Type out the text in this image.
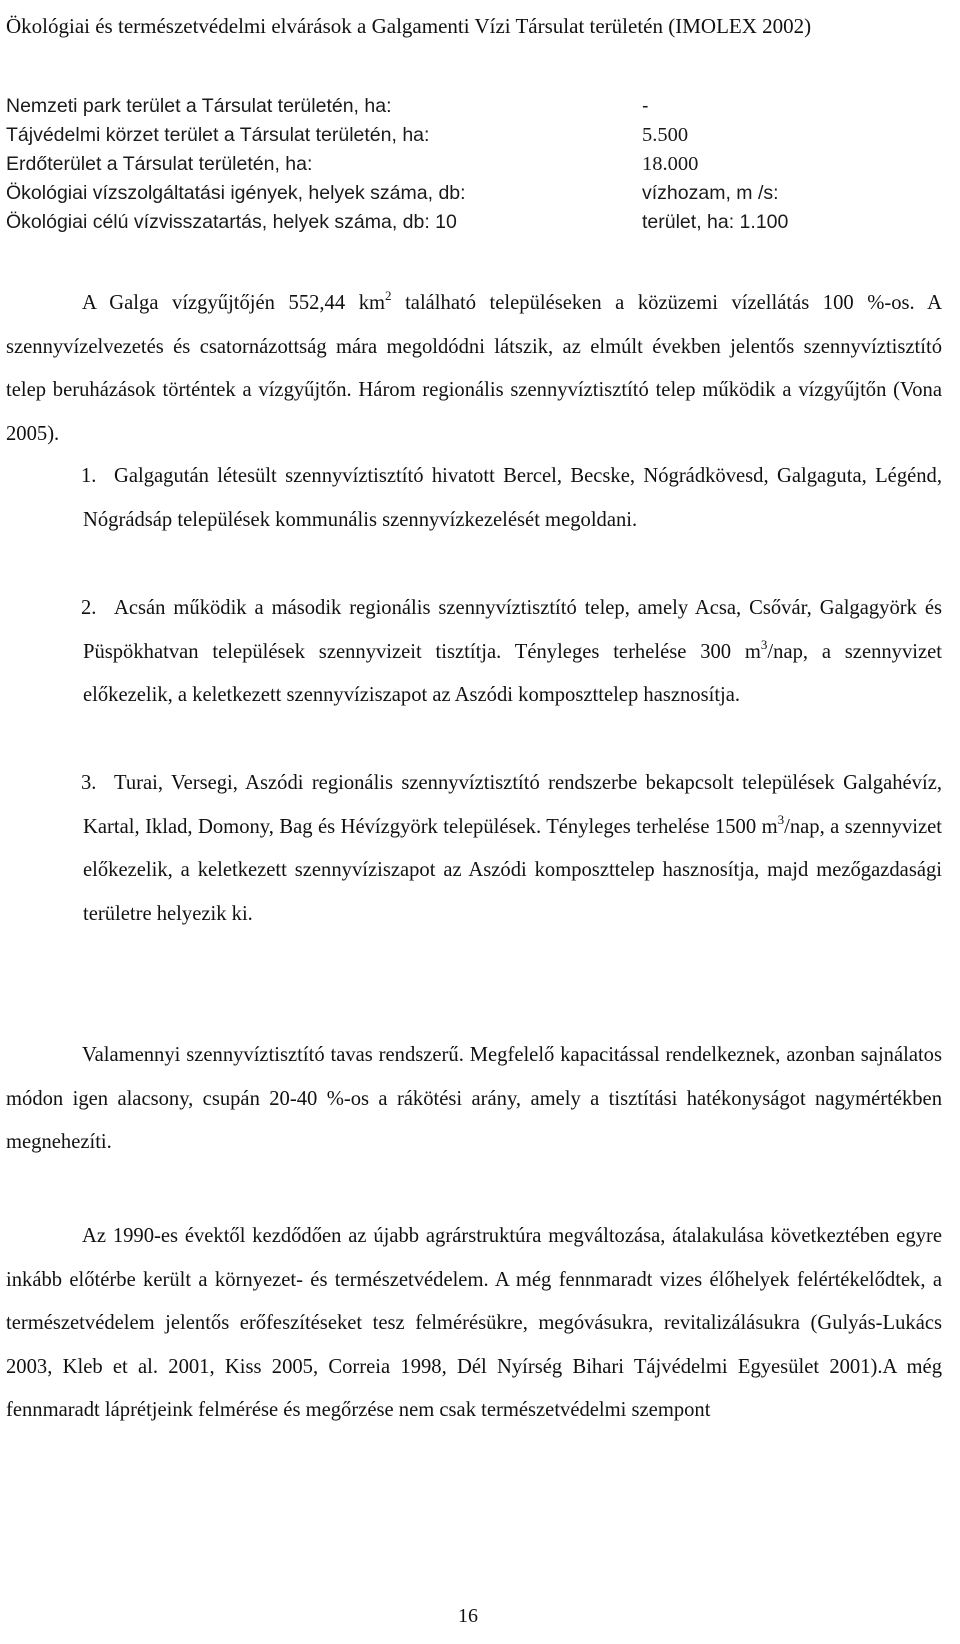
Ökológiai és természetvédelmi elvárások a Galgamenti Vízi Társulat területén (IMOLEX 2002)
Nemzeti park terület a Társulat területén, ha:	-
Tájvédelmi körzet terület a Társulat területén, ha:	5.500
Erdőterület a Társulat területén, ha:	18.000
Ökológiai vízszolgáltatási igények, helyek száma, db:	vízhozam, m /s:
Ökológiai célú vízvisszatartás, helyek száma, db: 10	terület, ha: 1.100

A Galga vízgyűjtőjén 552,44 $km^2$ található településeken a közüzemi vízellátás 100 %-os. A szennyvízelvezetés és csatornázottság mára megoldódni látszik, az elmúlt években jelentős szennyvíztisztító telep beruházások történtek a vízgyűjtőn. Három regionális szennyvíztisztító telep működik a vízgyűjtőn (Vona 2005).

1. Galgagután létesült szennyvíztisztító hivatott Bercel, Becske, Nógrádkövesd, Galgaguta, Légénd, Nógrádsáp települések kommunális szennyvízkezelését megoldani.

2. Acsán működik a második regionális szennyvíztisztító telep, amely Acsa, Csővár, Galgagyörk és Püspökhatvan települések szennyvizeit tisztítja. Tényleges terhelése 300 $m^3$/nap, a szennyvizet előkezelik, a keletkezett szennyvíziszapot az Aszódi komposzttelep hasznosítja.

3. Turai, Versegi, Aszódi regionális szennyvíztisztító rendszerbe bekapcsolt települések Galgahévíz, Kartal, Iklad, Domony, Bag és Hévízgyörk települések. Tényleges terhelése 1500 $m^3$/nap, a szennyvizet előkezelik, a keletkezett szennyvíziszapot az Aszódi komposzttelep hasznosítja, majd mezőgazdasági területre helyezik ki.

Valamennyi szennyvíztisztító tavas rendszerű. Megfelelő kapacitással rendelkeznek, azonban sajnálatos módon igen alacsony, csupán 20-40 %-os a rákötési arány, amely a tisztítási hatékonyságot nagymértékben megnehezíti.

Az 1990-es évektől kezdődően az újabb agrárstruktúra megváltozása, átalakulása következtében egyre inkább előtérbe került a környezet- és természetvédelem. A még fennmaradt vizes élőhelyek felértékelődtek, a természetvédelem jelentős erőfeszítéseket tesz felmérésükre, megóvásukra, revitalizálásukra (Gulyás-Lukács 2003, Kleb et al. 2001, Kiss 2005, Correia 1998, Dél Nyírség Bihari Tájvédelmi Egyesület 2001).A még fennmaradt láprétjeink felmérése és megőrzése nem csak természetvédelmi szempont

16
